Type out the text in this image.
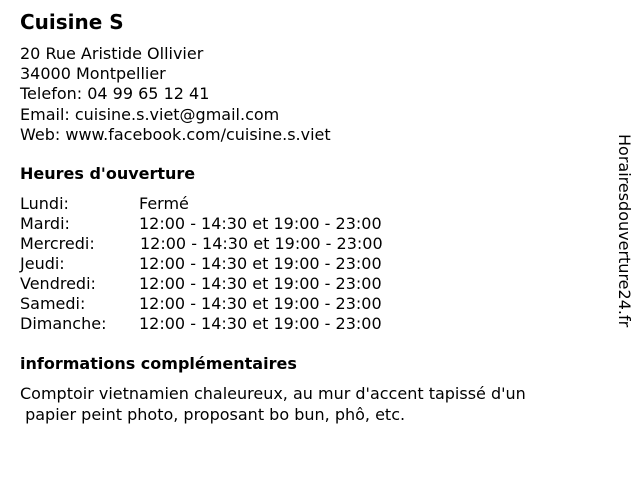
Cuisine S
20 Rue Aristide Ollivier
34000 Montpellier
Telefon: 04 99 65 12 41
Email: cuisine.s.viet@gmail.com
Web: www.facebook.com/cuisine.s.viet
Heures d'ouverture
Lundi:	Fermé
Mardi:	12:00 - 14:30 et 19:00 - 23:00
Mercredi:	12:00 - 14:30 et 19:00 - 23:00
Jeudi:	12:00 - 14:30 et 19:00 - 23:00
Vendredi:	12:00 - 14:30 et 19:00 - 23:00
Samedi:	12:00 - 14:30 et 19:00 - 23:00
Dimanche: 12:00 - 14:30 et 19:00 - 23:00
informations complémentaires
Comptoir vietnamien chaleureux, au mur d'accent tapissé d'un
papier peint photo, proposant bo bun, phô, etc.
Horairesdouverture24.fr
